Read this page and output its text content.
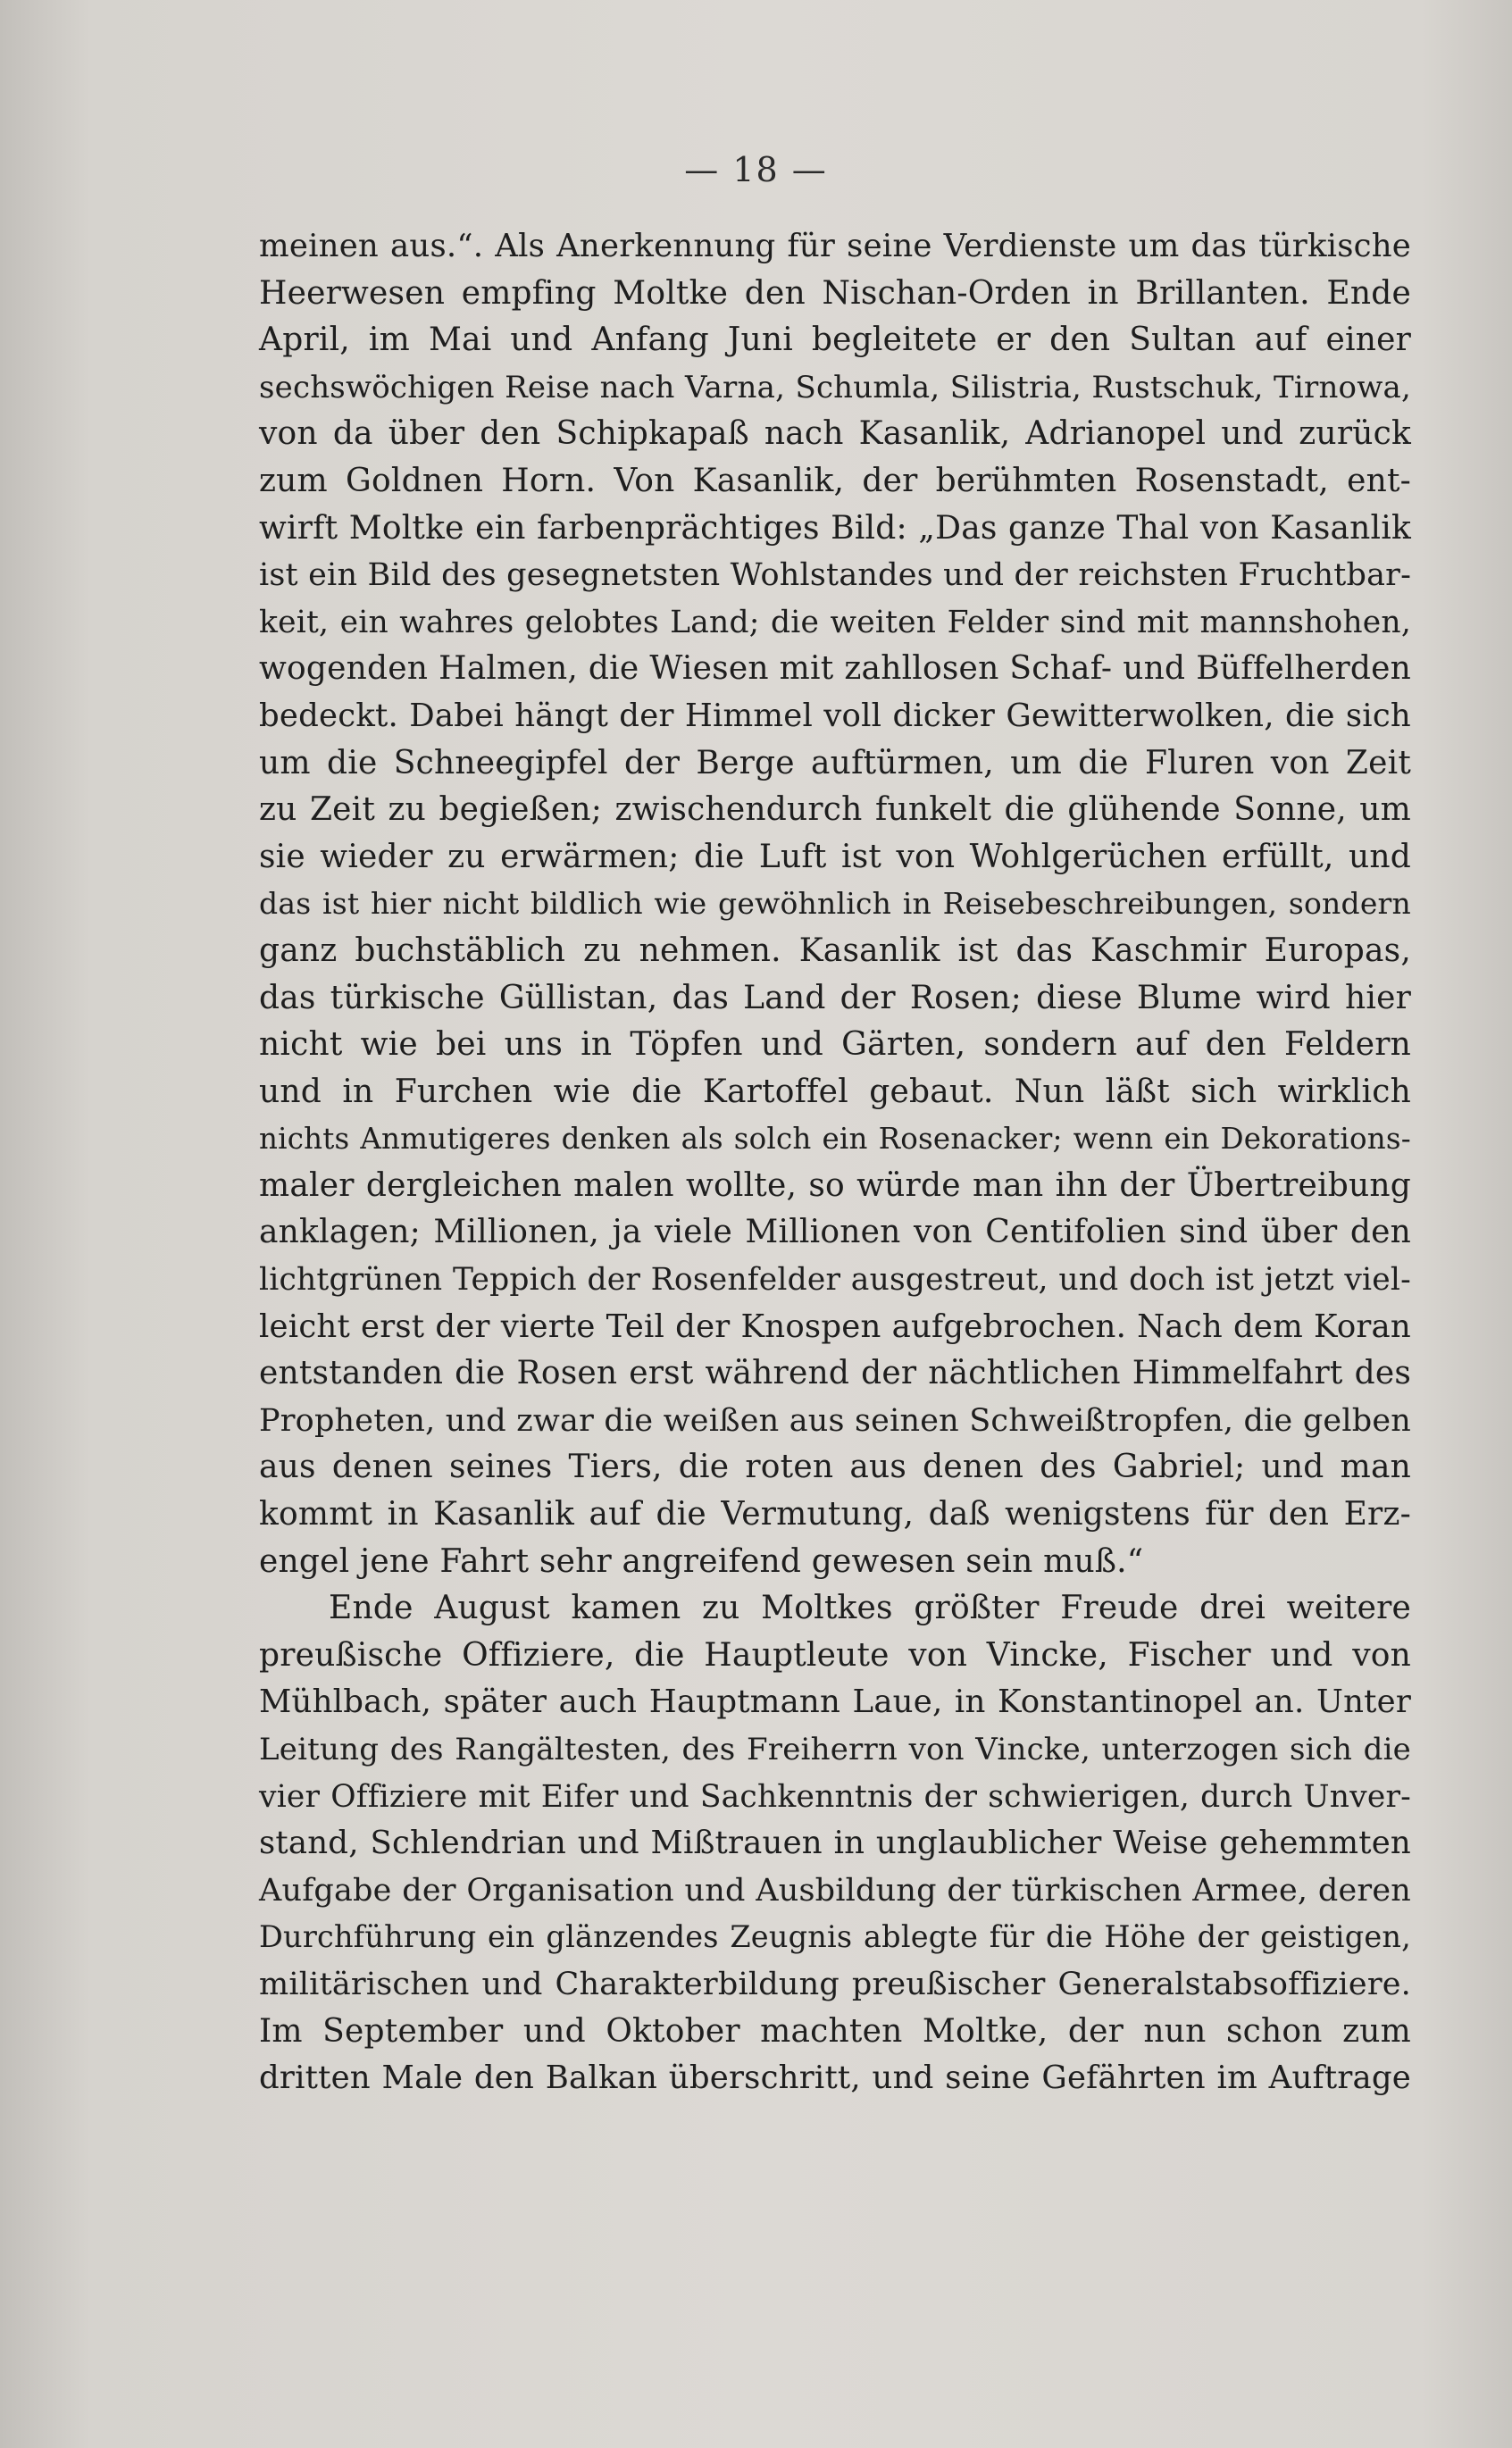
— 18 —
meinen aus.“. Als Anerkennung für seine Verdienste um das türkische
Heerwesen empfing Moltke den Nischan-Orden in Brillanten. Ende
April, im Mai und Anfang Juni begleitete er den Sultan auf einer
sechswöchigen Reise nach Varna, Schumla, Silistria, Rustschuk, Tirnowa,
von da über den Schipkapaß nach Kasanlik, Adrianopel und zurück
zum Goldnen Horn. Von Kasanlik, der berühmten Rosenstadt, ent-
wirft Moltke ein farbenprächtiges Bild: „Das ganze Thal von Kasanlik
ist ein Bild des gesegnetsten Wohlstandes und der reichsten Fruchtbar-
keit, ein wahres gelobtes Land; die weiten Felder sind mit mannshohen,
wogenden Halmen, die Wiesen mit zahllosen Schaf- und Büffelherden
bedeckt. Dabei hängt der Himmel voll dicker Gewitterwolken, die sich
um die Schneegipfel der Berge auftürmen, um die Fluren von Zeit
zu Zeit zu begießen; zwischendurch funkelt die glühende Sonne, um
sie wieder zu erwärmen; die Luft ist von Wohlgerüchen erfüllt, und
das ist hier nicht bildlich wie gewöhnlich in Reisebeschreibungen, sondern
ganz buchstäblich zu nehmen. Kasanlik ist das Kaschmir Europas,
das türkische Güllistan, das Land der Rosen; diese Blume wird hier
nicht wie bei uns in Töpfen und Gärten, sondern auf den Feldern
und in Furchen wie die Kartoffel gebaut. Nun läßt sich wirklich
nichts Anmutigeres denken als solch ein Rosenacker; wenn ein Dekorations-
maler dergleichen malen wollte, so würde man ihn der Übertreibung
anklagen; Millionen, ja viele Millionen von Centifolien sind über den
lichtgrünen Teppich der Rosenfelder ausgestreut, und doch ist jetzt viel-
leicht erst der vierte Teil der Knospen aufgebrochen. Nach dem Koran
entstanden die Rosen erst während der nächtlichen Himmelfahrt des
Propheten, und zwar die weißen aus seinen Schweißtropfen, die gelben
aus denen seines Tiers, die roten aus denen des Gabriel; und man
kommt in Kasanlik auf die Vermutung, daß wenigstens für den Erz-
engel jene Fahrt sehr angreifend gewesen sein muß.“
Ende August kamen zu Moltkes größter Freude drei weitere
preußische Offiziere, die Hauptleute von Vincke, Fischer und von
Mühlbach, später auch Hauptmann Laue, in Konstantinopel an. Unter
Leitung des Rangältesten, des Freiherrn von Vincke, unterzogen sich die
vier Offiziere mit Eifer und Sachkenntnis der schwierigen, durch Unver-
stand, Schlendrian und Mißtrauen in unglaublicher Weise gehemmten
Aufgabe der Organisation und Ausbildung der türkischen Armee, deren
Durchführung ein glänzendes Zeugnis ablegte für die Höhe der geistigen,
militärischen und Charakterbildung preußischer Generalstabsoffiziere.
Im September und Oktober machten Moltke, der nun schon zum
dritten Male den Balkan überschritt, und seine Gefährten im Auftrage
